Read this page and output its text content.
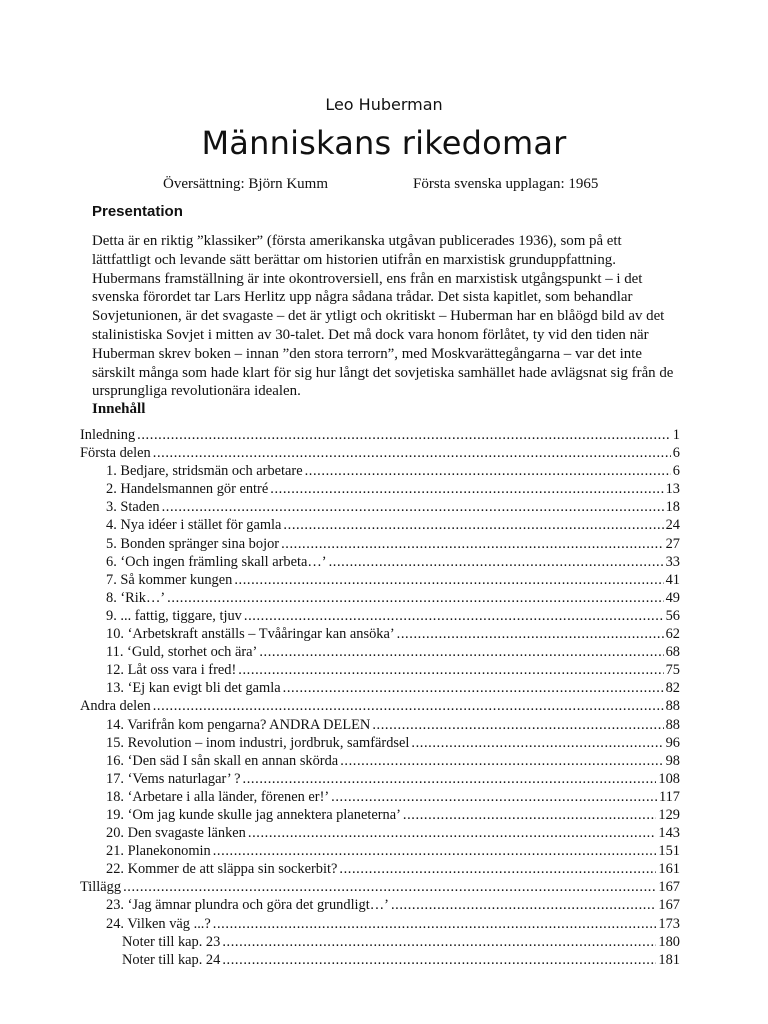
Leo Huberman
Människans rikedomar
Översättning: Björn Kumm	Första svenska upplagan: 1965
Presentation
Detta är en riktig ”klassiker” (första amerikanska utgåvan publicerades 1936), som på ett lättfattligt och levande sätt berättar om historien utifrån en marxistisk grunduppfattning. Hubermans framställning är inte okontroversiell, ens från en marxistisk utgångspunkt – i det svenska förordet tar Lars Herlitz upp några sådana trådar. Det sista kapitlet, som behandlar Sovjetunionen, är det svagaste – det är ytligt och okritiskt – Huberman har en blåögd bild av det stalinistiska Sovjet i mitten av 30-talet. Det må dock vara honom förlåtet, ty vid den tiden när Huberman skrev boken – innan ”den stora terrorn”, med Moskvarättegångarna – var det inte särskilt många som hade klart för sig hur långt det sovjetiska samhället hade avlägsnat sig från de ursprungliga revolutionära idealen.
Innehåll
Inledning .....	1
Första delen .....	6
1. Bedjare, stridsmän och arbetare .....	6
2. Handelsmannen gör entré .....	13
3. Staden .....	18
4. Nya idéer i stället för gamla .....	24
5. Bonden spränger sina bojor .....	27
6. ‘Och ingen främling skall arbeta…’ .....	33
7. Så kommer kungen .....	41
8. ‘Rik…’ .....	49
9. ... fattig, tiggare, tjuv .....	56
10. ‘Arbetskraft anställs – Tvååringar kan ansöka’ .....	62
11. ‘Guld, storhet och ära’ .....	68
12. Låt oss vara i fred! .....	75
13. ‘Ej kan evigt bli det gamla .....	82
Andra delen .....	88
14. Varifrån kom pengarna? ANDRA DELEN .....	88
15. Revolution – inom industri, jordbruk, samfärdsel .....	96
16. ‘Den säd I sån skall en annan skörda .....	98
17. ‘Vems naturlagar’ ? .....	108
18. ‘Arbetare i alla länder, förenen er!’ .....	117
19. ‘Om jag kunde skulle jag annektera planeterna’ .....	129
20. Den svagaste länken .....	143
21. Planekonomin .....	151
22. Kommer de att släppa sin sockerbit? .....	161
Tillägg .....	167
23. ‘Jag ämnar plundra och göra det grundligt…’ .....	167
24. Vilken väg ...? .....	173
Noter till kap. 23 .....	180
Noter till kap. 24 .....	181
